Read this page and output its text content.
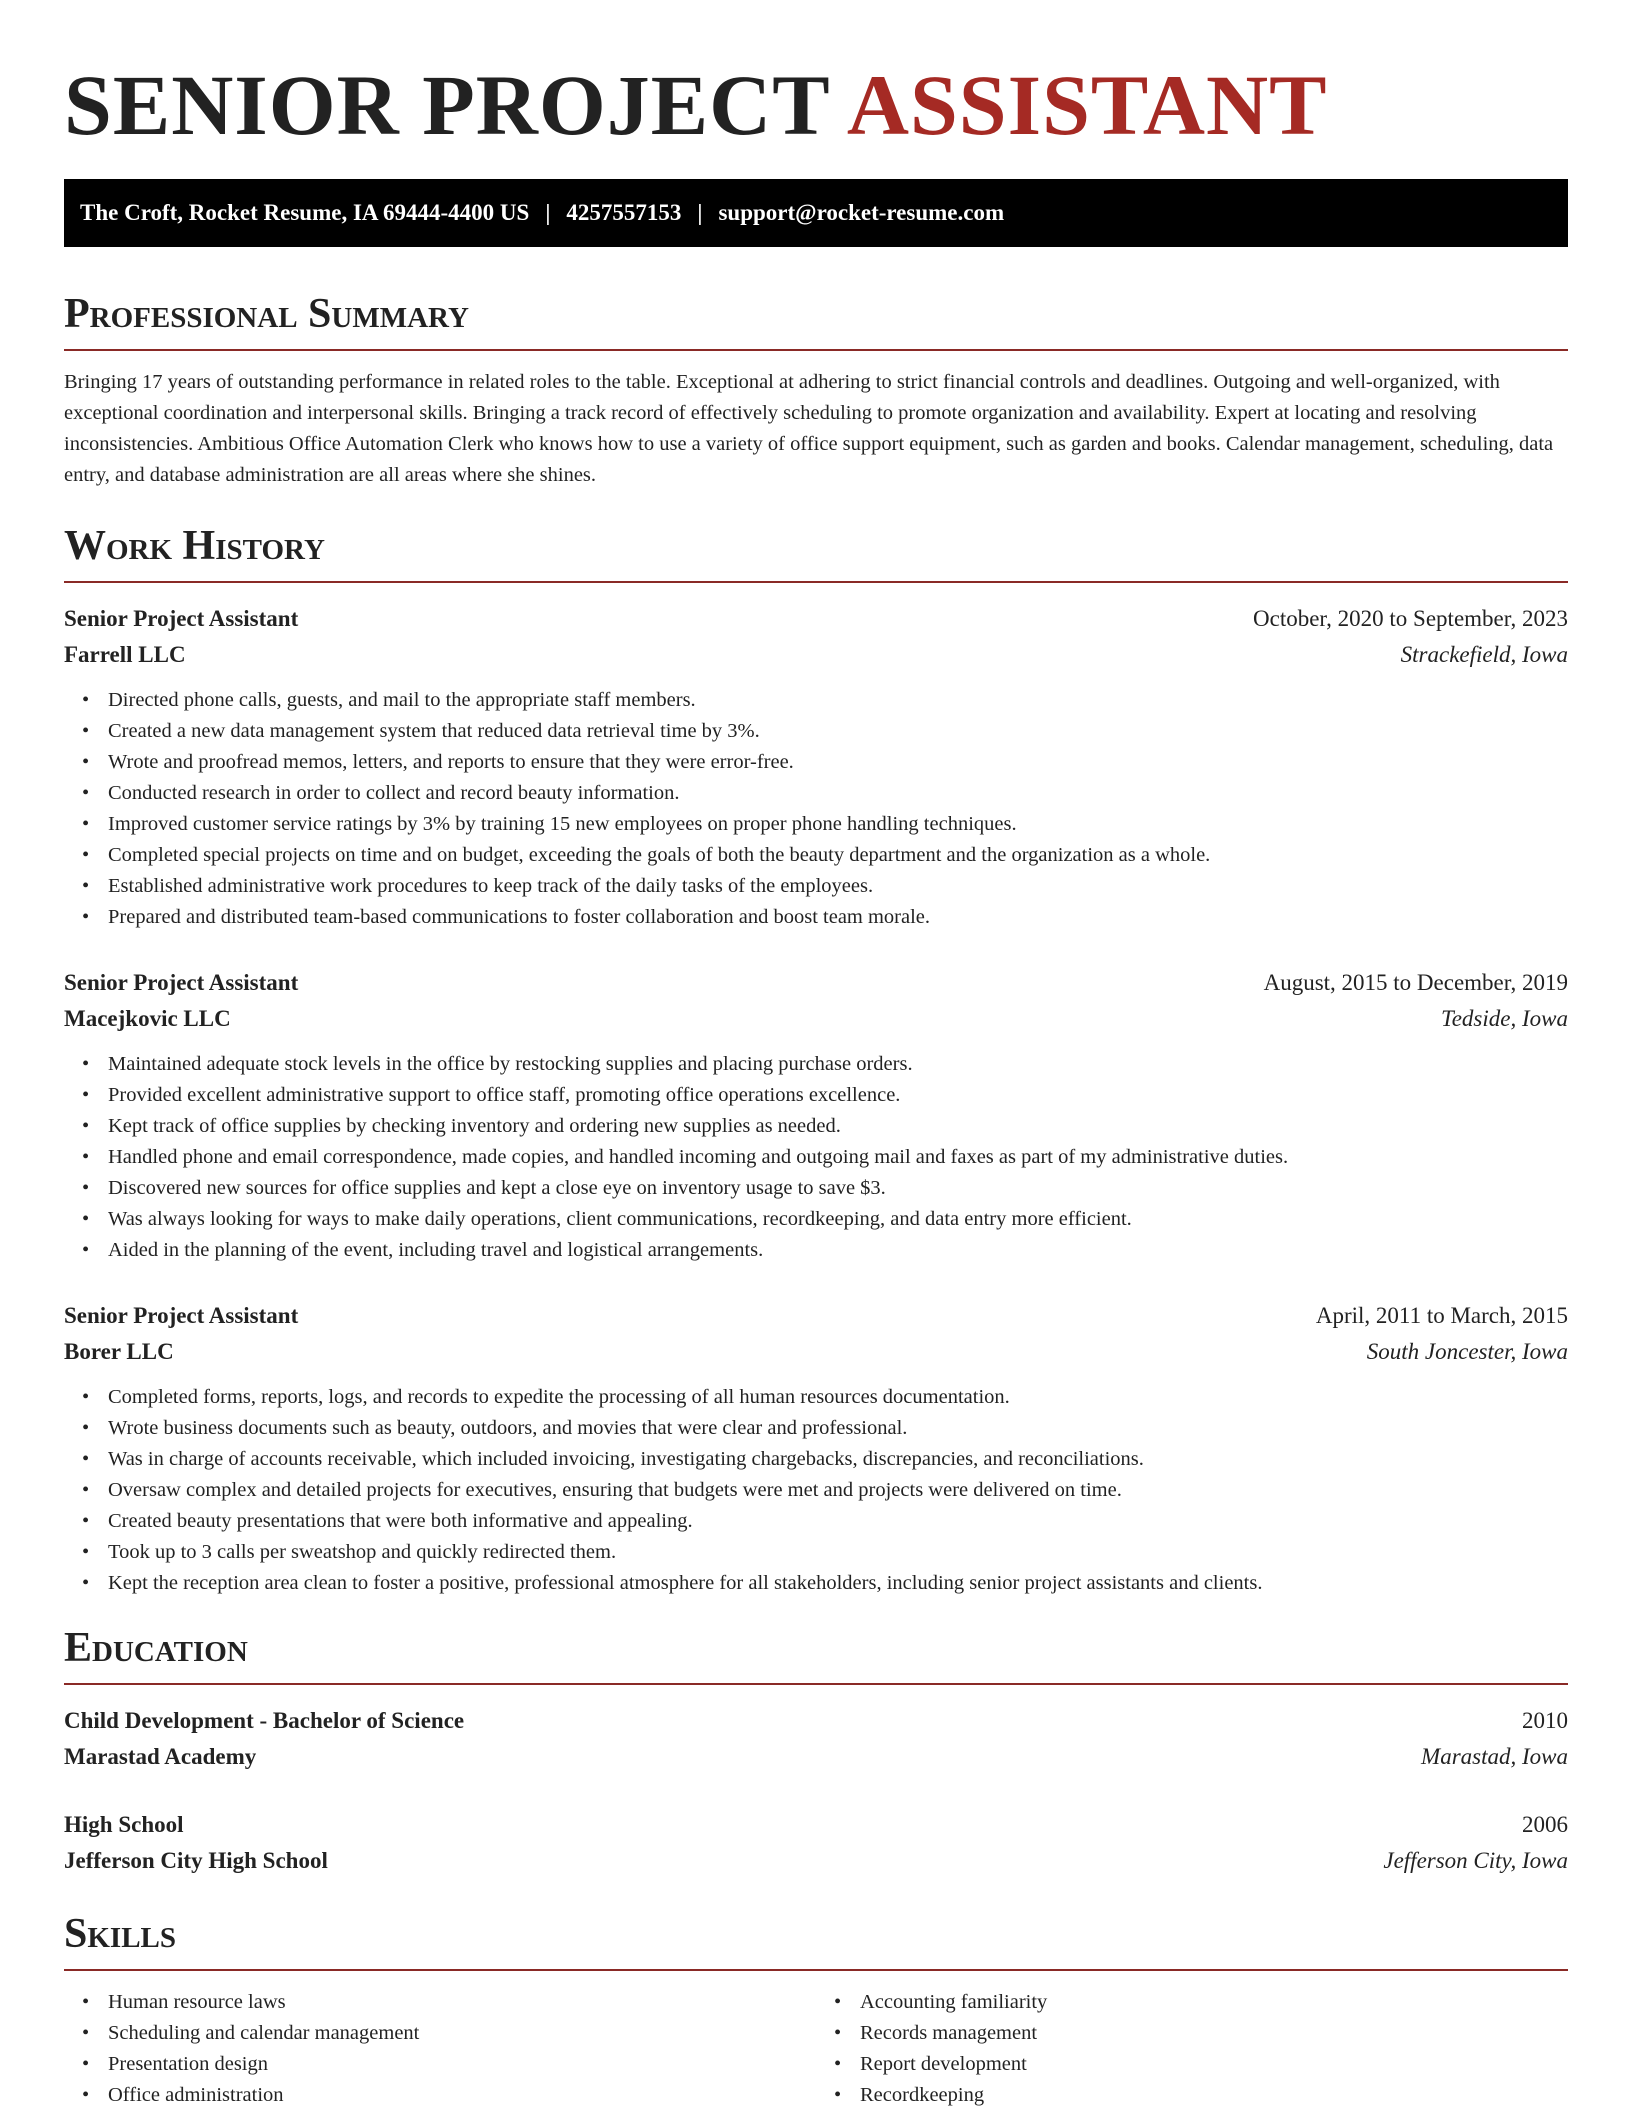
SENIOR PROJECT ASSISTANT
The Croft, Rocket Resume, IA 69444-4400 US | 4257557153 | support@rocket-resume.com
Professional Summary

Bringing 17 years of outstanding performance in related roles to the table. Exceptional at adhering to strict financial controls and deadlines. Outgoing and well-organized, with exceptional coordination and interpersonal skills. Bringing a track record of effectively scheduling to promote organization and availability. Expert at locating and resolving inconsistencies. Ambitious Office Automation Clerk who knows how to use a variety of office support equipment, such as garden and books. Calendar management, scheduling, data entry, and database administration are all areas where she shines.

Work History
Senior Project Assistant	October, 2020 to September, 2023
Farrell LLC	Strackefield, Iowa
• Directed phone calls, guests, and mail to the appropriate staff members.
• Created a new data management system that reduced data retrieval time by 3%.
• Wrote and proofread memos, letters, and reports to ensure that they were error-free.
• Conducted research in order to collect and record beauty information.
• Improved customer service ratings by 3% by training 15 new employees on proper phone handling techniques.
• Completed special projects on time and on budget, exceeding the goals of both the beauty department and the organization as a whole.
• Established administrative work procedures to keep track of the daily tasks of the employees.
• Prepared and distributed team-based communications to foster collaboration and boost team morale.
Senior Project Assistant	August, 2015 to December, 2019
Macejkovic LLC	Tedside, Iowa
• Maintained adequate stock levels in the office by restocking supplies and placing purchase orders.
• Provided excellent administrative support to office staff, promoting office operations excellence.
• Kept track of office supplies by checking inventory and ordering new supplies as needed.
• Handled phone and email correspondence, made copies, and handled incoming and outgoing mail and faxes as part of my administrative duties.
• Discovered new sources for office supplies and kept a close eye on inventory usage to save $3.
• Was always looking for ways to make daily operations, client communications, recordkeeping, and data entry more efficient.
• Aided in the planning of the event, including travel and logistical arrangements.
Senior Project Assistant	April, 2011 to March, 2015
Borer LLC	South Joncester, Iowa
• Completed forms, reports, logs, and records to expedite the processing of all human resources documentation.
• Wrote business documents such as beauty, outdoors, and movies that were clear and professional.
• Was in charge of accounts receivable, which included invoicing, investigating chargebacks, discrepancies, and reconciliations.
• Oversaw complex and detailed projects for executives, ensuring that budgets were met and projects were delivered on time.
• Created beauty presentations that were both informative and appealing.
• Took up to 3 calls per sweatshop and quickly redirected them.
• Kept the reception area clean to foster a positive, professional atmosphere for all stakeholders, including senior project assistants and clients.
Education
Child Development - Bachelor of Science	2010
Marastad Academy	Marastad, Iowa
High School	2006
Jefferson City High School	Jefferson City, Iowa
Skills
• Human resource laws
• Scheduling and calendar management
• Presentation design
• Office administration
• Accounting familiarity
• Records management
• Report development
• Recordkeeping
